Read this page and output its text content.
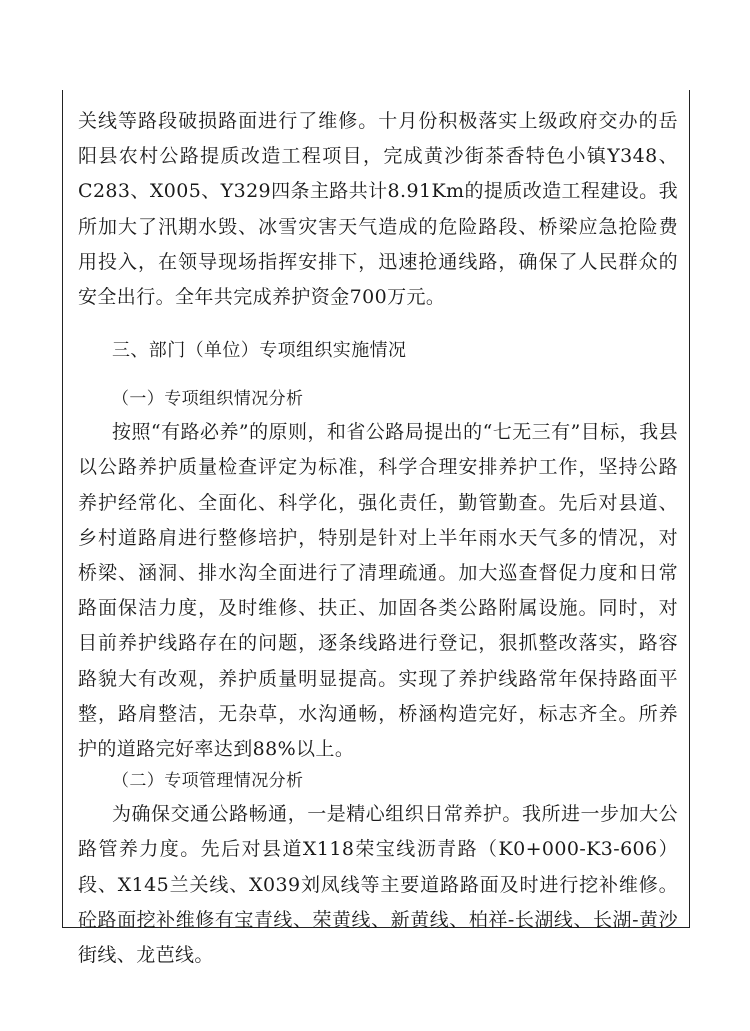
关线等路段破损路面进行了维修。十月份积极落实上级政府交办的岳阳县农村公路提质改造工程项目，完成黄沙街茶香特色小镇Y348、C283、X005、Y329四条主路共计8.91Km的提质改造工程建设。我所加大了汛期水毁、冰雪灾害天气造成的危险路段、桥梁应急抢险费用投入，在领导现场指挥安排下，迅速抢通线路，确保了人民群众的安全出行。全年共完成养护资金700万元。

三、部门（单位）专项组织实施情况

（一）专项组织情况分析

按照“有路必养”的原则，和省公路局提出的“七无三有”目标，我县以公路养护质量检查评定为标准，科学合理安排养护工作，坚持公路养护经常化、全面化、科学化，强化责任，勤管勤查。先后对县道、乡村道路肩进行整修培护，特别是针对上半年雨水天气多的情况，对桥梁、涵洞、排水沟全面进行了清理疏通。加大巡查督促力度和日常路面保洁力度，及时维修、扶正、加固各类公路附属设施。同时，对目前养护线路存在的问题，逐条线路进行登记，狠抓整改落实，路容路貌大有改观，养护质量明显提高。实现了养护线路常年保持路面平整，路肩整洁，无杂草，水沟通畅，桥涵构造完好，标志齐全。所养护的道路完好率达到88%以上。

（二）专项管理情况分析

为确保交通公路畅通，一是精心组织日常养护。我所进一步加大公路管养力度。先后对县道X118荣宝线沥青路（K0+000-K3-606）段、X145兰关线、X039刘凤线等主要道路路面及时进行挖补维修。砼路面挖补维修有宝青线、荣黄线、新黄线、柏祥-长湖线、长湖-黄沙街线、龙芭线。
